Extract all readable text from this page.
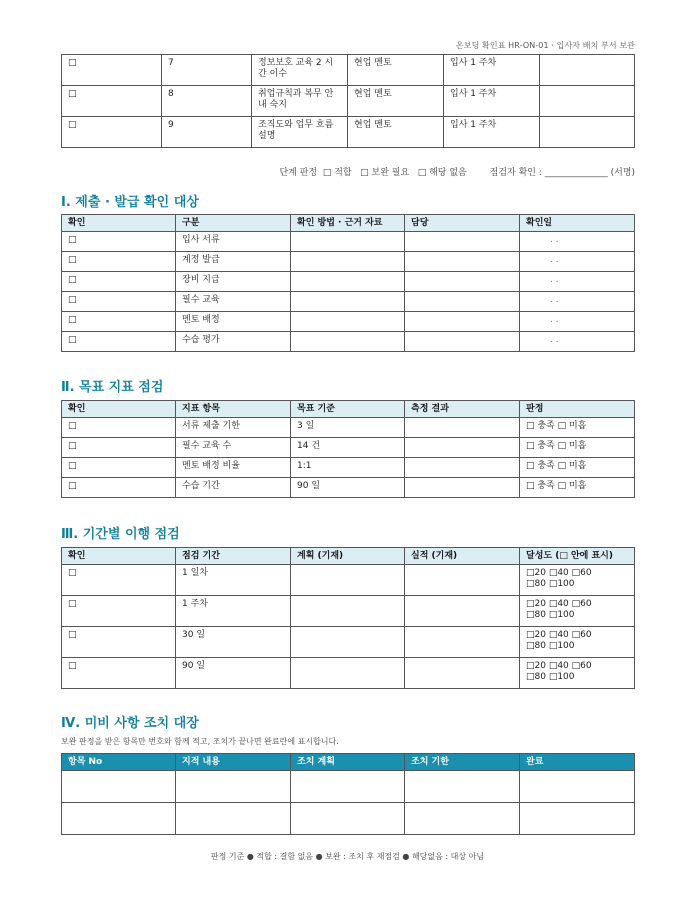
온보딩 확인표 HR-ON-01 · 입사자 배치 부서 보관
□	7	정보보호 교육 2 시간 이수	현업 멘토	입사 1 주차	
□	8	취업규칙과 복무 안내 숙지	현업 멘토	입사 1 주차	
□	9	조직도와 업무 흐름 설명	현업 멘토	입사 1 주차	
단계 판정  □ 적합   □ 보완 필요   □ 해당 없음        점검자 확인 : ______________ (서명)
Ⅰ. 제출 · 발급 확인 대상
확인	구분	확인 방법 · 근거 자료	담당	확인일
□	입사 서류			. .
□	계정 발급			. .
□	장비 지급			. .
□	필수 교육			. .
□	멘토 배정			. .
□	수습 평가			. .
Ⅱ. 목표 지표 점검
확인	지표 항목	목표 기준	측정 결과	판정
□	서류 제출 기한	3 일		□ 충족 □ 미흡
□	필수 교육 수	14 건		□ 충족 □ 미흡
□	멘토 배정 비율	1:1		□ 충족 □ 미흡
□	수습 기간	90 일		□ 충족 □ 미흡
Ⅲ. 기간별 이행 점검
확인	점검 기간	계획 (기재)	실적 (기재)	달성도 (□ 안에 표시)
□	1 일차			□20 □40 □60
□80 □100

□	1 주차			□20 □40 □60
□80 □100

□	30 일			□20 □40 □60
□80 □100

□	90 일			□20 □40 □60
□80 □100
Ⅳ. 미비 사항 조치 대장
보완 판정을 받은 항목만 번호와 함께 적고, 조치가 끝나면 완료란에 표시합니다.
항목 No	지적 내용	조치 계획	조치 기한	완료

판정 기준 ● 적합 : 결함 없음 ● 보완 : 조치 후 재점검 ● 해당없음 : 대상 아님
